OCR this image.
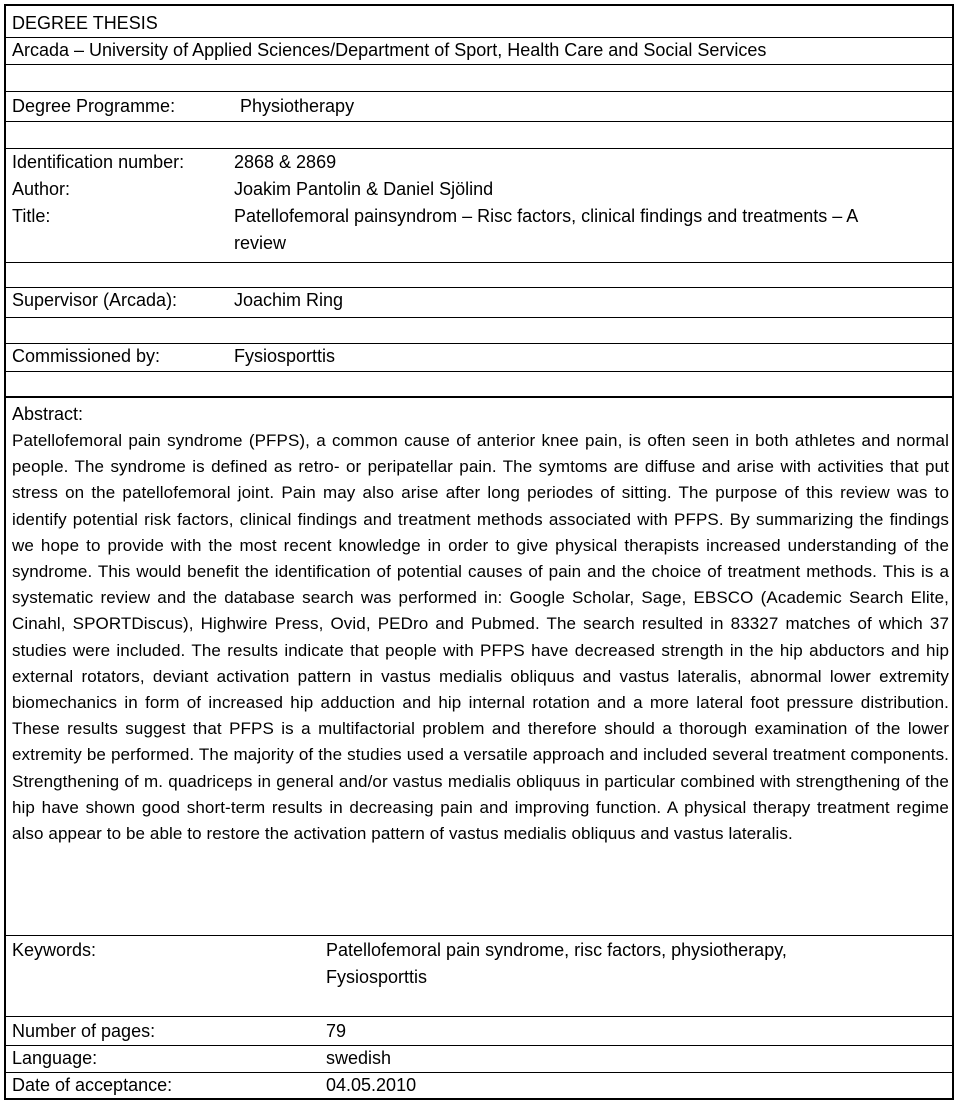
DEGREE THESIS
Arcada – University of Applied Sciences/Department of Sport, Health Care and Social Services
Degree Programme:	Physiotherapy
Identification number:	2868 & 2869
Author:	Joakim Pantolin & Daniel Sjölind
Title:	Patellofemoral painsyndrom – Risc factors, clinical findings and treatments – A
review
Supervisor (Arcada):	Joachim Ring
Commissioned by:	Fysiosporttis
Abstract:
Patellofemoral pain syndrome (PFPS), a common cause of anterior knee pain, is often seen in both athletes and normal people. The syndrome is defined as retro- or peripatellar pain. The symtoms are diffuse and arise with activities that put stress on the patellofemoral joint. Pain may also arise after long periodes of sitting. The purpose of this review was to identify potential risk factors, clinical findings and treatment methods associated with PFPS. By summarizing the findings we hope to provide with the most recent knowledge in order to give physical therapists increased understanding of the syndrome. This would benefit the identification of potential causes of pain and the choice of treatment methods. This is a systematic review and the database search was performed in: Google Scholar, Sage, EBSCO (Academic Search Elite, Cinahl, SPORTDiscus), Highwire Press, Ovid, PEDro and Pubmed. The search resulted in 83327 matches of which 37 studies were included. The results indicate that people with PFPS have decreased strength in the hip abductors and hip external rotators, deviant activation pattern in vastus medialis obliquus and vastus lateralis, abnormal lower extremity biomechanics in form of increased hip adduction and hip internal rotation and a more lateral foot pressure distribution. These results suggest that PFPS is a multifactorial problem and therefore should a thorough examination of the lower extremity be performed. The majority of the studies used a versatile approach and included several treatment components. Strengthening of m. quadriceps in general and/or vastus medialis obliquus in particular combined with strengthening of the hip have shown good short-term results in decreasing pain and improving function. A physical therapy treatment regime also appear to be able to restore the activation pattern of vastus medialis obliquus and vastus lateralis.
Keywords:	Patellofemoral pain syndrome, risc factors, physiotherapy,
Fysiosporttis
Number of pages:	79
Language:	swedish
Date of acceptance:	04.05.2010
